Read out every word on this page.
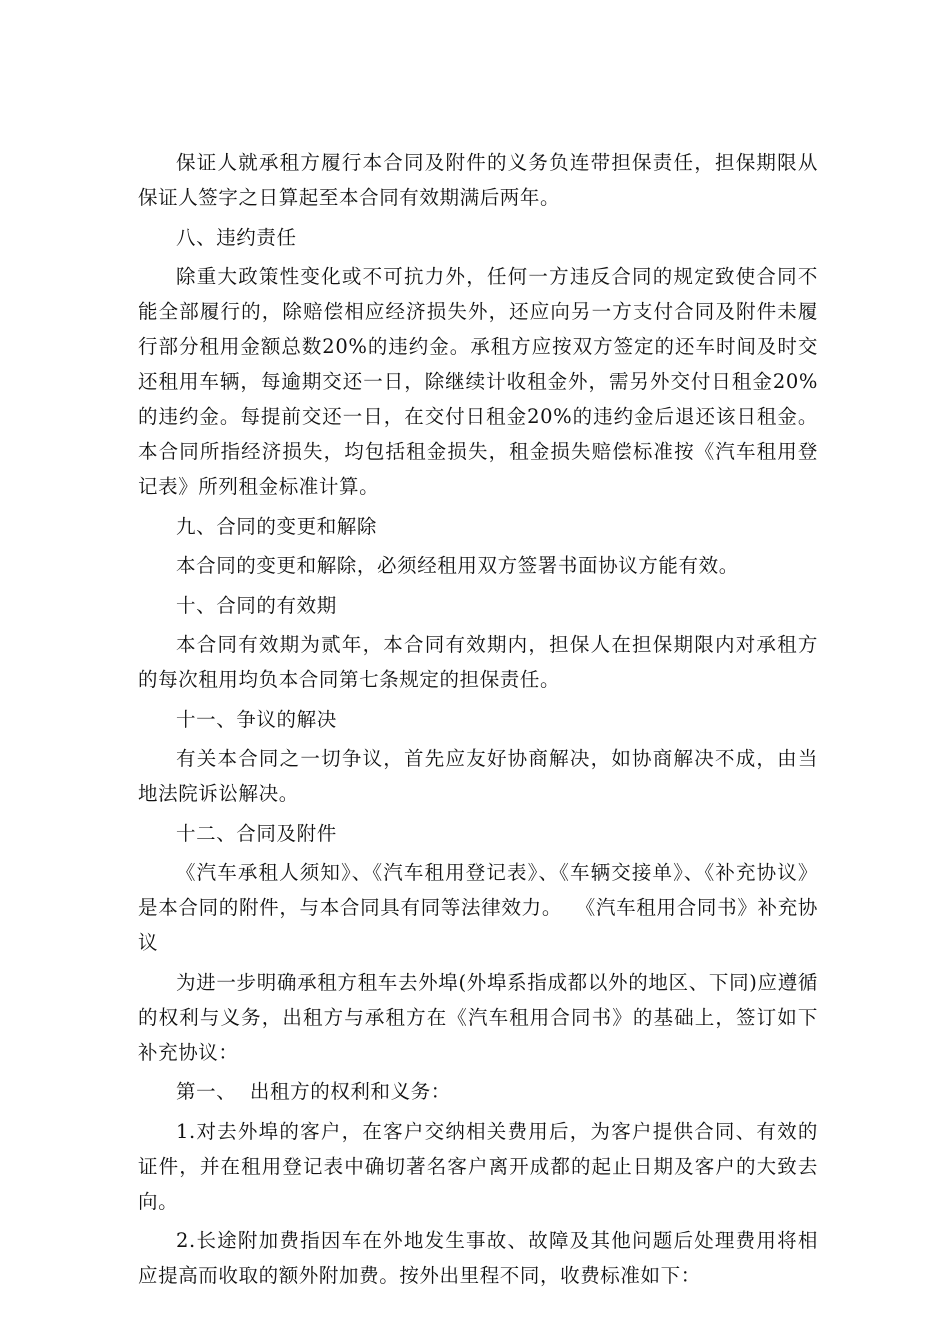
保证人就承租方履行本合同及附件的义务负连带担保责任，担保期限从保证人签字之日算起至本合同有效期满后两年。

八、违约责任

除重大政策性变化或不可抗力外，任何一方违反合同的规定致使合同不能全部履行的，除赔偿相应经济损失外，还应向另一方支付合同及附件未履行部分租用金额总数20%的违约金。承租方应按双方签定的还车时间及时交还租用车辆，每逾期交还一日，除继续计收租金外，需另外交付日租金20%的违约金。每提前交还一日，在交付日租金20%的违约金后退还该日租金。本合同所指经济损失，均包括租金损失，租金损失赔偿标准按《汽车租用登记表》所列租金标准计算。

九、合同的变更和解除

本合同的变更和解除，必须经租用双方签署书面协议方能有效。

十、合同的有效期

本合同有效期为贰年，本合同有效期内，担保人在担保期限内对承租方的每次租用均负本合同第七条规定的担保责任。

十一、争议的解决

有关本合同之一切争议，首先应友好协商解决，如协商解决不成，由当地法院诉讼解决。

十二、合同及附件

《汽车承租人须知》、《汽车租用登记表》、《车辆交接单》、《补充协议》是本合同的附件，与本合同具有同等法律效力。  《汽车租用合同书》补充协议

为进一步明确承租方租车去外埠(外埠系指成都以外的地区、下同)应遵循的权利与义务，出租方与承租方在《汽车租用合同书》的基础上，签订如下补充协议：

第一、  出租方的权利和义务：

1.对去外埠的客户，在客户交纳相关费用后，为客户提供合同、有效的证件，并在租用登记表中确切著名客户离开成都的起止日期及客户的大致去向。

2.长途附加费指因车在外地发生事故、故障及其他问题后处理费用将相应提高而收取的额外附加费。按外出里程不同，收费标准如下：
